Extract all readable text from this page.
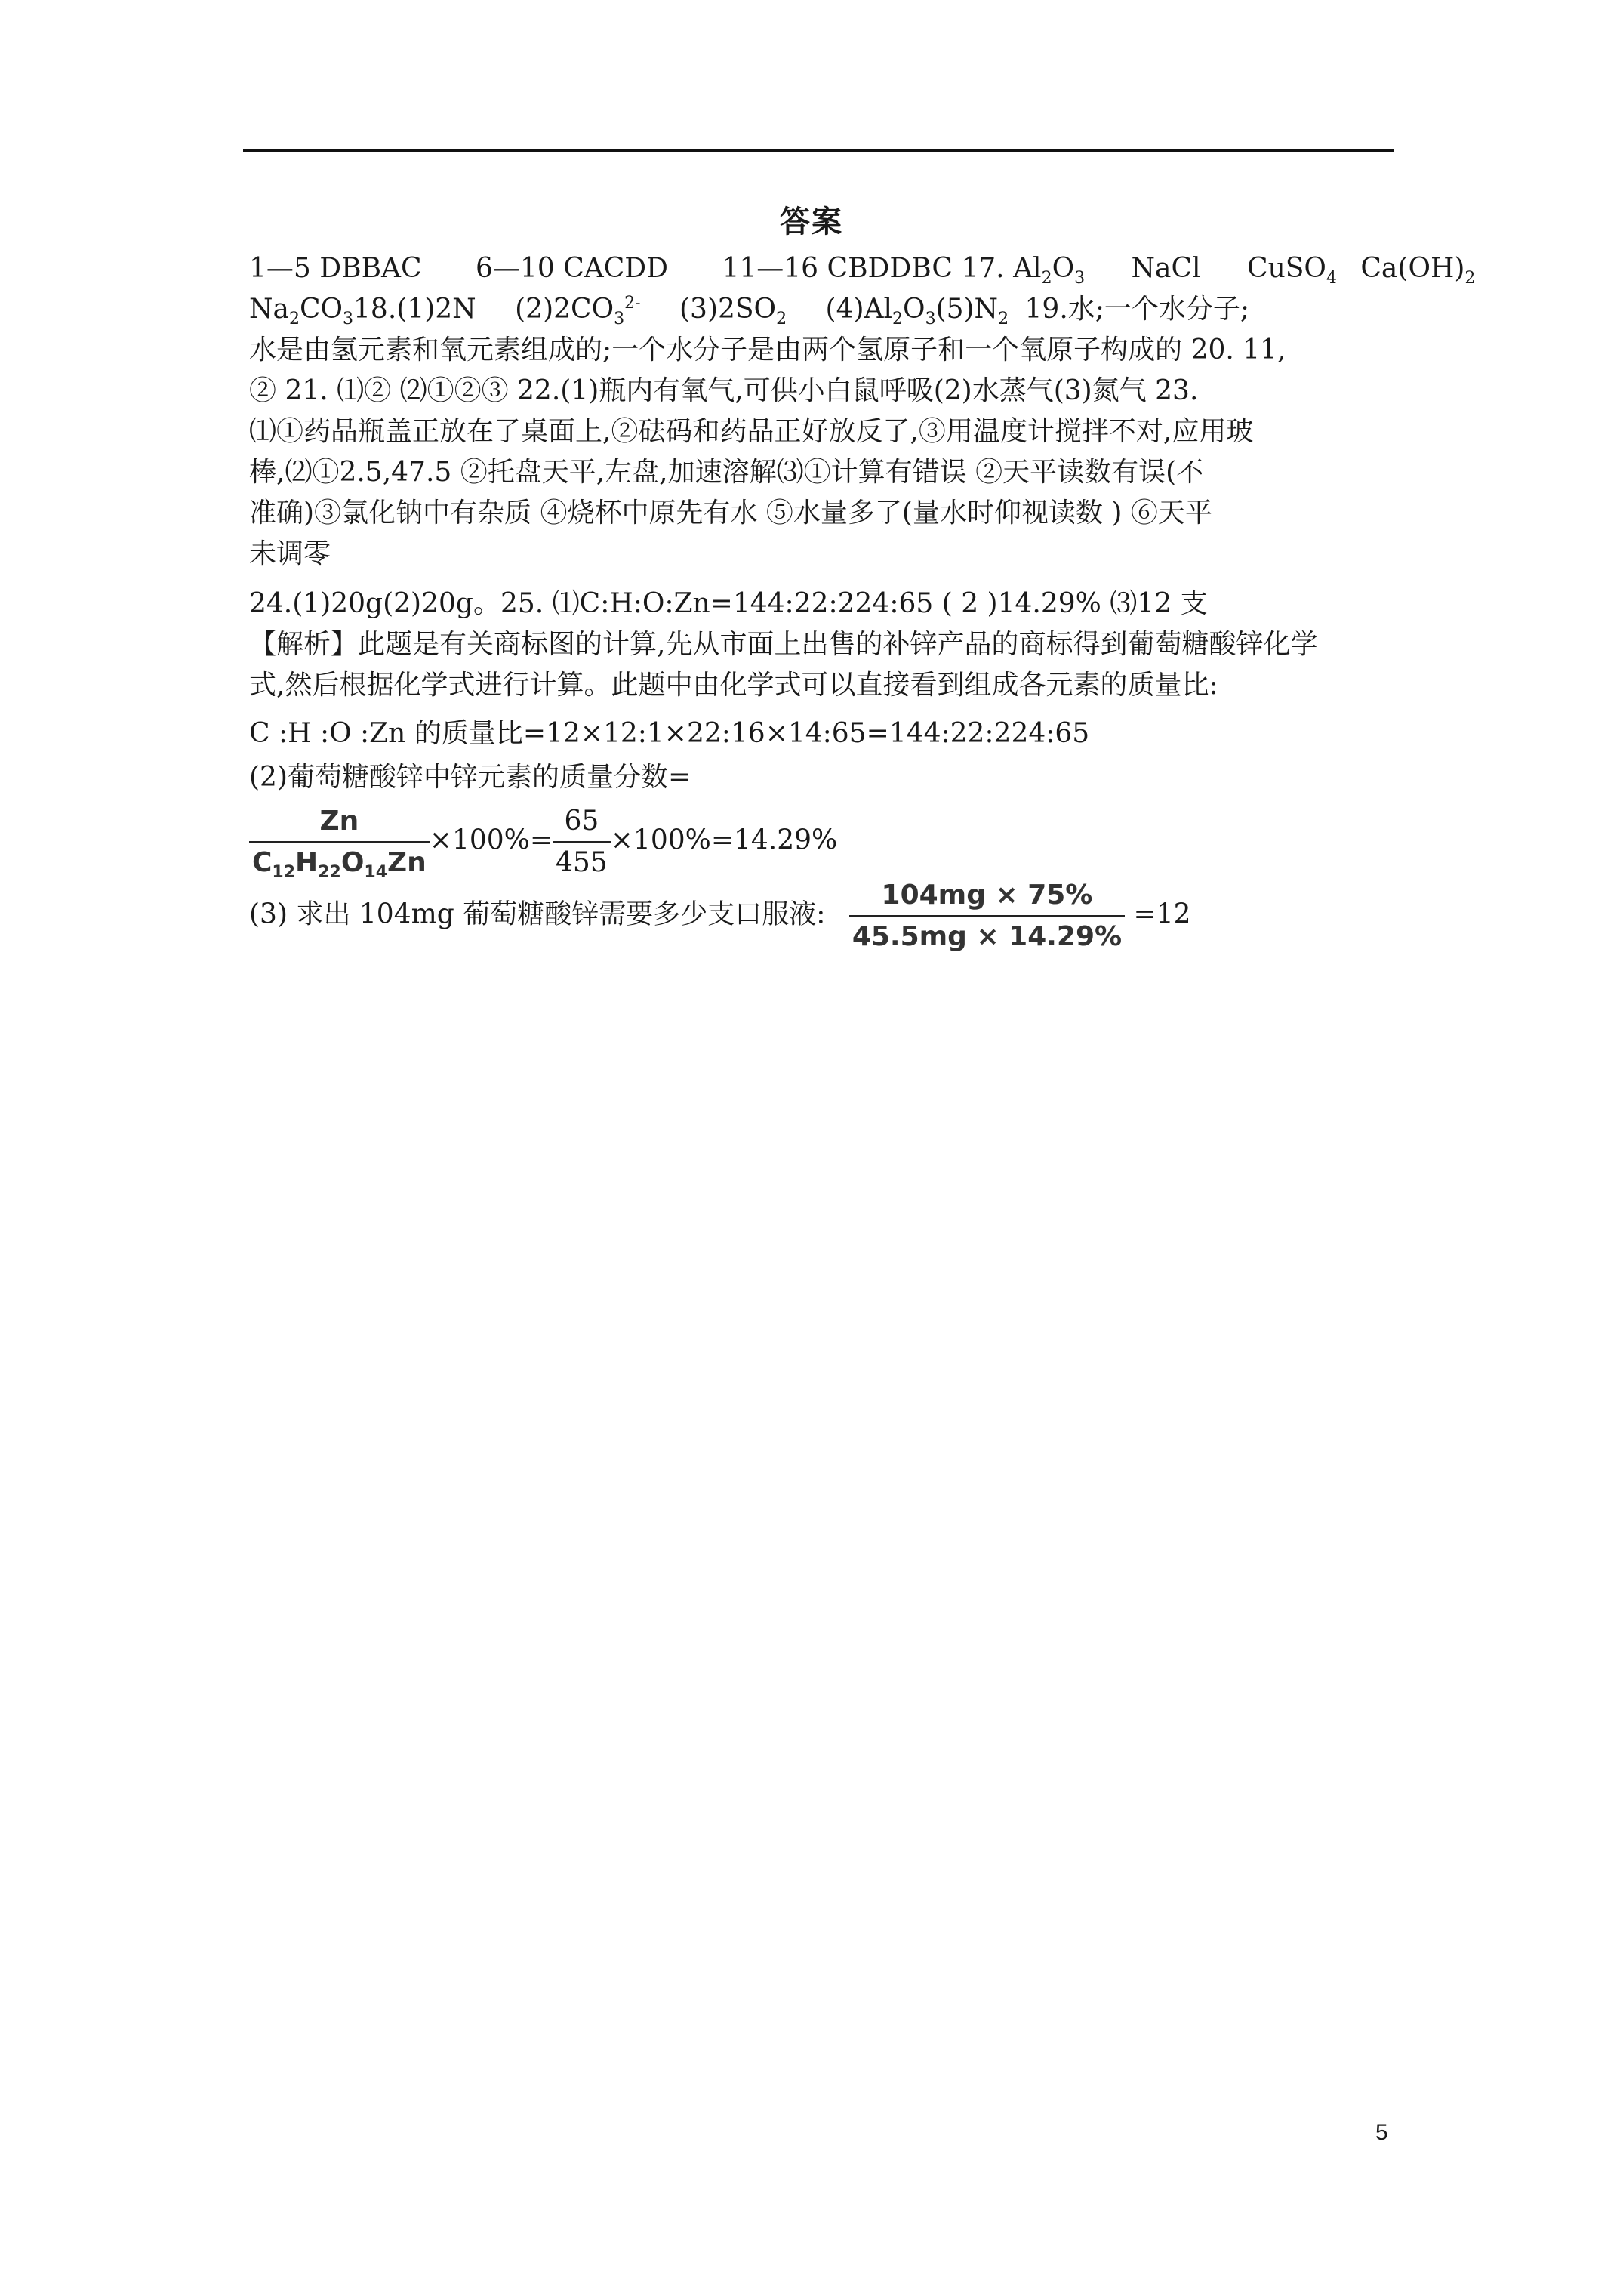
答案
1—5 DBBAC 6—10 CACDD 11—16 CBDDBC 17. $Al_2O_3$ NaCl CuSO$_4$ $Ca(OH)_2$
$Na_2CO_318.(1)2N$ $(2)2CO_3^{2-}$ $(3)2SO_2$ $(4)Al_2O_3(5)N_2$ 19.水;一个水分子;
水是由氢元素和氧元素组成的;一个水分子是由两个氢原子和一个氧原子构成的 20. 11,
② 21. ⑴② ⑵①②③ 22.(1)瓶内有氧气,可供小白鼠呼吸(2)水蒸气(3)氮气 23.
⑴①药品瓶盖正放在了桌面上,②砝码和药品正好放反了,③用温度计搅拌不对,应用玻
棒,⑵①2.5,47.5 ②托盘天平,左盘,加速溶解⑶①计算有错误 ②天平读数有误(不
准确)③氯化钠中有杂质 ④烧杯中原先有水 ⑤水量多了(量水时仰视读数 ) ⑥天平
未调零
24.(1)20g(2)20g。25. ⑴C:H:O:Zn=144:22:224:65 ( 2 )14.29% ⑶12 支
【解析】此题是有关商标图的计算,先从市面上出售的补锌产品的商标得到葡萄糖酸锌化学
式,然后根据化学式进行计算。此题中由化学式可以直接看到组成各元素的质量比:
C :H :O :Zn 的质量比=12×12:1×22:16×14:65=144:22:224:65
(2)葡萄糖酸锌中锌元素的质量分数=
$\frac{Zn}{C_{12}H_{22}O_{14}Zn} \times 100\%= \frac{65}{455} \times 100\%=14.29\%$
(3) 求出 104mg 葡萄糖酸锌需要多少支口服液: $\frac{104mg \times 75\%}{45.5mg \times 14.29\%} =12$
5
